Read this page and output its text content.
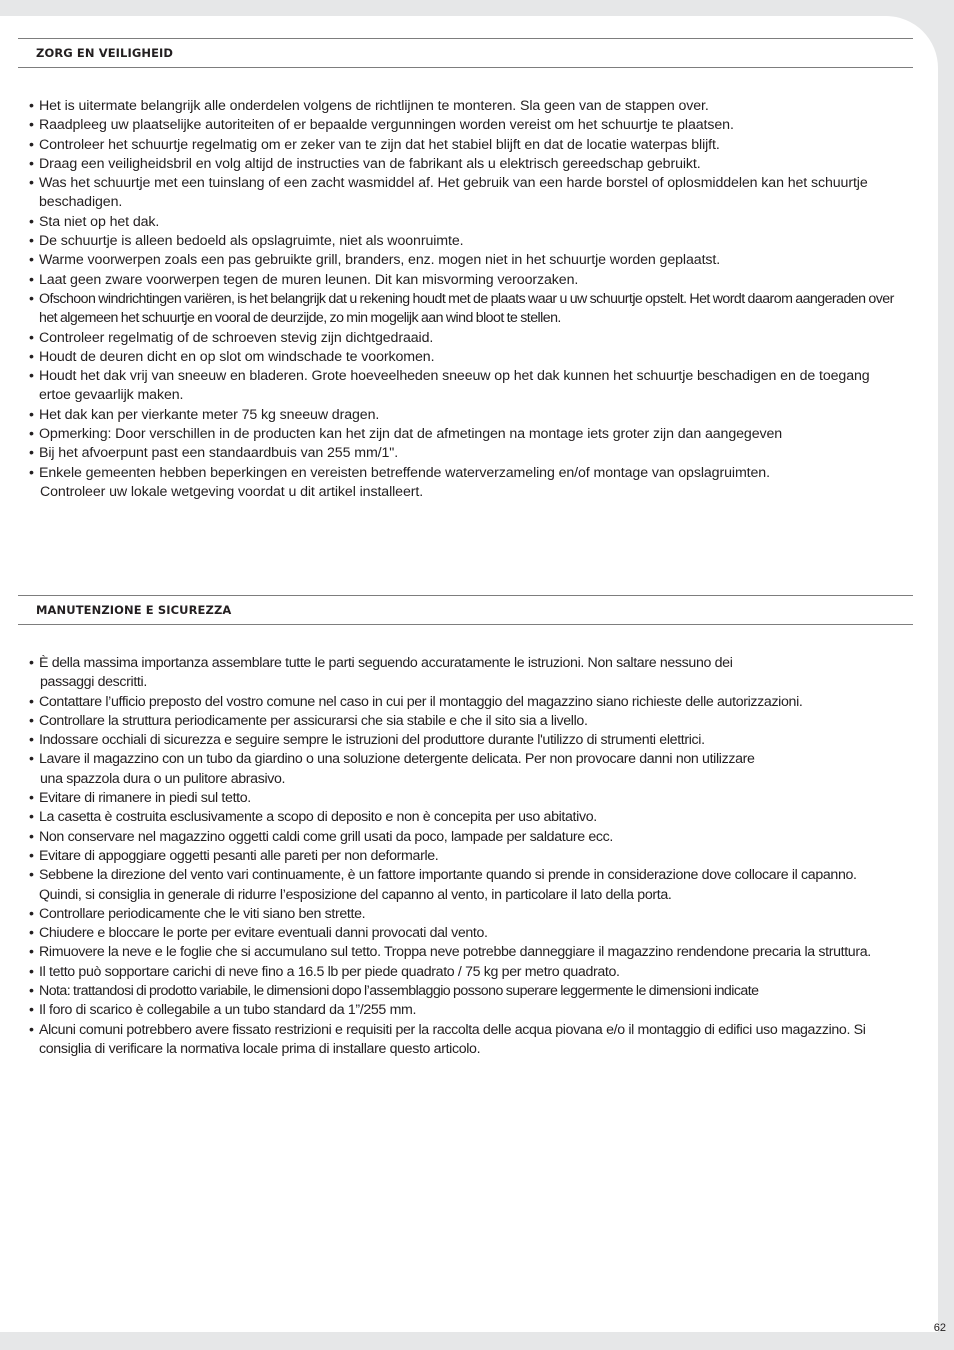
ZORG EN VEILIGHEID
• Het is uitermate belangrijk alle onderdelen volgens de richtlijnen te monteren. Sla geen van de stappen over.
• Raadpleeg uw plaatselijke autoriteiten of er bepaalde vergunningen worden vereist om het schuurtje te plaatsen.
• Controleer het schuurtje regelmatig om er zeker van te zijn dat het stabiel blijft en dat de locatie waterpas blijft.
• Draag een veiligheidsbril en volg altijd de instructies van de fabrikant als u elektrisch gereedschap gebruikt.
• Was het schuurtje met een tuinslang of een zacht wasmiddel af. Het gebruik van een harde borstel of oplosmiddelen kan het schuurtje beschadigen.
• Sta niet op het dak.
• De schuurtje is alleen bedoeld als opslagruimte, niet als woonruimte.
• Warme voorwerpen zoals een pas gebruikte grill, branders, enz. mogen niet in het schuurtje worden geplaatst.
• Laat geen zware voorwerpen tegen de muren leunen. Dit kan misvorming veroorzaken.
• Ofschoon windrichtingen variëren, is het belangrijk dat u rekening houdt met de plaats waar u uw schuurtje opstelt. Het wordt daarom aangeraden over het algemeen het schuurtje en vooral de deurzijde, zo min mogelijk aan wind bloot te stellen.
• Controleer regelmatig of de schroeven stevig zijn dichtgedraaid.
• Houdt de deuren dicht en op slot om windschade te voorkomen.
• Houdt het dak vrij van sneeuw en bladeren. Grote hoeveelheden sneeuw op het dak kunnen het schuurtje beschadigen en de toegang ertoe gevaarlijk maken.
• Het dak kan per vierkante meter 75 kg sneeuw dragen.
• Opmerking: Door verschillen in de producten kan het zijn dat de afmetingen na montage iets groter zijn dan aangegeven
• Bij het afvoerpunt past een standaardbuis van 255 mm/1".
• Enkele gemeenten hebben beperkingen en vereisten betreffende waterverzameling en/of montage van opslagruimten.
Controleer uw lokale wetgeving voordat u dit artikel installeert.
MANUTENZIONE E SICUREZZA
• È della massima importanza assemblare tutte le parti seguendo accuratamente le istruzioni. Non saltare nessuno dei
passaggi descritti.
• Contattare l’ufficio preposto del vostro comune nel caso in cui per il montaggio del magazzino siano richieste delle autorizzazioni.
• Controllare la struttura periodicamente per assicurarsi che sia stabile e che il sito sia a livello.
• Indossare occhiali di sicurezza e seguire sempre le istruzioni del produttore durante l'utilizzo di strumenti elettrici.
• Lavare il magazzino con un tubo da giardino o una soluzione detergente delicata. Per non provocare danni non utilizzare
una spazzola dura o un pulitore abrasivo.
• Evitare di rimanere in piedi sul tetto.
• La casetta è costruita esclusivamente a scopo di deposito e non è concepita per uso abitativo.
• Non conservare nel magazzino oggetti caldi come grill usati da poco, lampade per saldature ecc.
• Evitare di appoggiare oggetti pesanti alle pareti per non deformarle.
• Sebbene la direzione del vento vari continuamente, è un fattore importante quando si prende in considerazione dove collocare il capanno. Quindi, si consiglia in generale di ridurre l’esposizione del capanno al vento, in particolare il lato della porta.
• Controllare periodicamente che le viti siano ben strette.
• Chiudere e bloccare le porte per evitare eventuali danni provocati dal vento.
• Rimuovere la neve e le foglie che si accumulano sul tetto. Troppa neve potrebbe danneggiare il magazzino rendendone precaria la struttura.
• Il tetto può sopportare carichi di neve fino a 16.5 lb per piede quadrato / 75 kg per metro quadrato.
• Nota: trattandosi di prodotto variabile, le dimensioni dopo l’assemblaggio possono superare leggermente le dimensioni indicate
• Il foro di scarico è collegabile a un tubo standard da 1”/255 mm.
• Alcuni comuni potrebbero avere fissato restrizioni e requisiti per la raccolta delle acqua piovana e/o il montaggio di edifici uso magazzino. Si consiglia di verificare la normativa locale prima di installare questo articolo.
62
